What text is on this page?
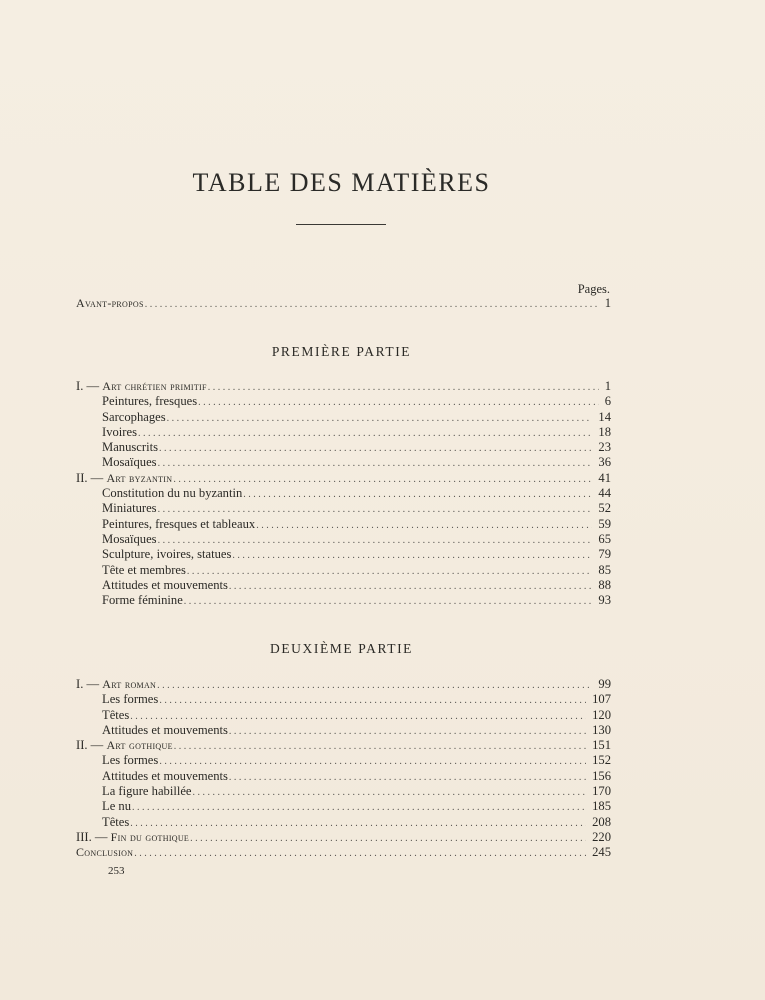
TABLE DES MATIÈRES
Pages.
Avant-propos . . .	1
PREMIÈRE PARTIE
I. — Art chrétien primitif . . .	1
Peintures, fresques . . .	6
Sarcophages . . .	14
Ivoires . . .	18
Manuscrits . . .	23
Mosaïques . . .	36
II. — Art byzantin . . .	41
Constitution du nu byzantin . . .	44
Miniatures . . .	52
Peintures, fresques et tableaux . . .	59
Mosaïques . . .	65
Sculpture, ivoires, statues . . .	79
Tête et membres . . .	85
Attitudes et mouvements . . .	88
Forme féminine . . .	93
DEUXIÈME PARTIE
I. — Art roman . . .	99
Les formes . . .	107
Têtes . . .	120
Attitudes et mouvements . . .	130
II. — Art gothique . . .	151
Les formes . . .	152
Attitudes et mouvements . . .	156
La figure habillée . . .	170
Le nu . . .	185
Têtes . . .	208
III. — Fin du gothique . . .	220
Conclusion . . .	245
253
